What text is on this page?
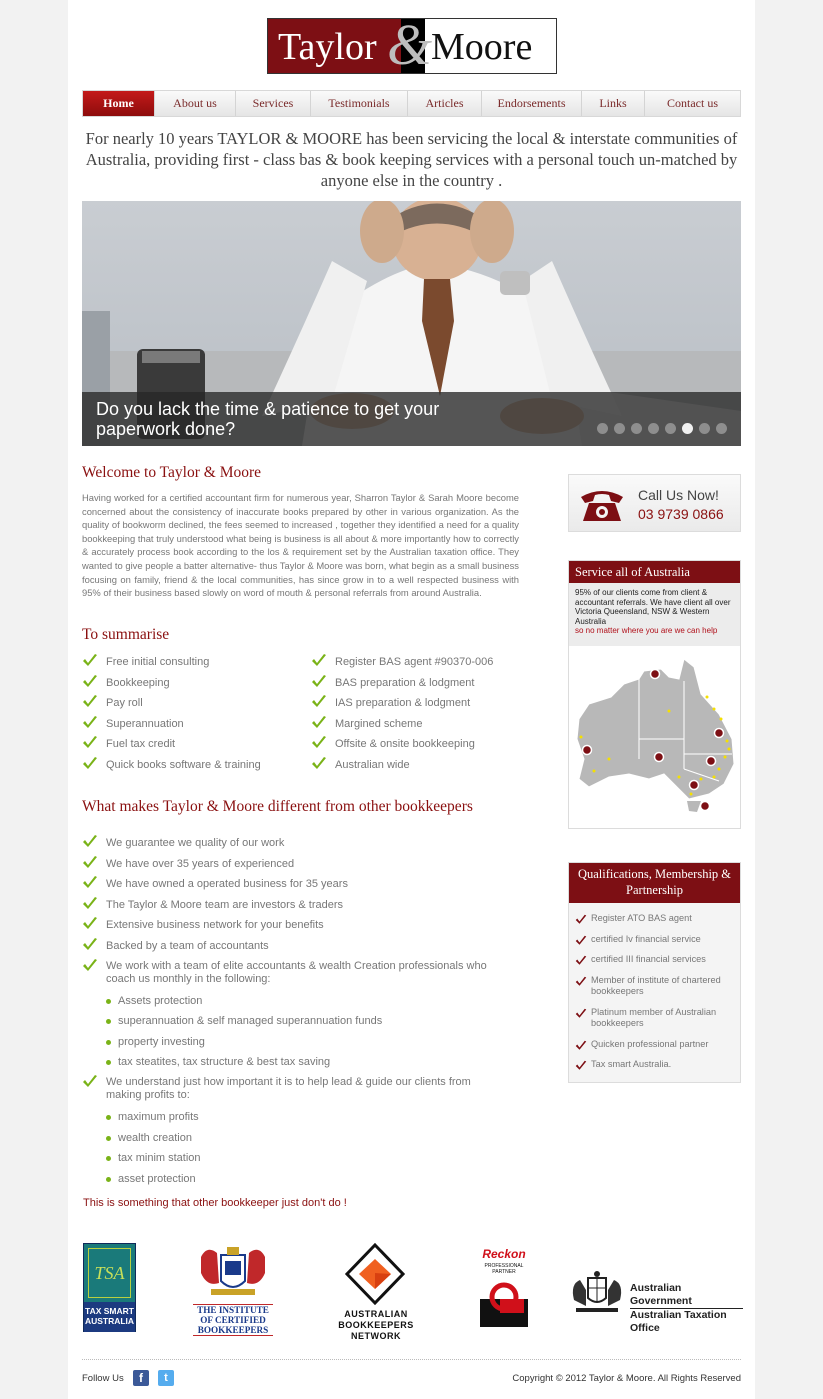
Taylor	Moore
&
Home	About us	Services	Testimonials	Articles	Endorsements	Links	Contact us
For nearly 10 years TAYLOR & MOORE has been servicing the local & interstate communities of Australia, providing first - class bas & book keeping services with a personal touch un-matched by anyone else in the country .
Do you lack the time & patience to get your paperwork done?
Welcome to Taylor & Moore

Having worked for a certified accountant firm for numerous year, Sharron Taylor & Sarah Moore become concerned about the consistency of inaccurate books prepared by other in various organization. As the quality of bookworm declined, the fees seemed to increased , together they identified a need for a quality bookkeeping that truly understood what being is business is all about & more importantly how to correctly & accurately process book according to the los & requirement set by the Australian taxation office. They wanted to give people a batter alternative- thus Taylor & Moore was born, what begin as a small business focusing on family, friend & the local communities, has since grow in to a well respected business with 95% of their business based slowly on word of mouth & personal referrals from around Australia.

To summarise
Free initial consulting
Bookkeeping
Pay roll
Superannuation
Fuel tax credit
Quick books software & training
Register BAS agent #90370-006
BAS preparation & lodgment
IAS preparation & lodgment
Margined scheme
Offsite & onsite bookkeeping
Australian wide
What makes Taylor & Moore different from other bookkeepers
We guarantee we quality of our work
We have over 35 years of experienced
We have owned a operated business for 35 years
The Taylor & Moore team are investors & traders
Extensive business network for your benefits
Backed by a team of accountants
We work with a team of elite accountants & wealth Creation professionals who coach us monthly in the following:
Assets protection
superannuation & self managed superannuation funds
property investing
tax steatites, tax structure & best tax saving
We understand just how important it is to help lead & guide our clients from making profits to:
maximum profits
wealth creation
tax minim station
asset protection
This is something that other bookkeeper just don't do !
Call Us Now!
03 9739 0866
Service all of Australia
95% of our clients come from client & accountant referrals. We have client all over Victoria Queensland, NSW & Western Australia
so no matter where you are we can help
Qualifications, Membership & Partnership
Register ATO BAS agent
certified Iv financial service
certified III financial services
Member of institute of chartered bookkeepers
Platinum member of Australian bookkeepers
Quicken professional partner
Tax smart Australia.
TSA
TAX SMART
AUSTRALIA
THE INSTITUTE
OF CERTIFIED
BOOKKEEPERS
AUSTRALIAN
BOOKKEEPERS NETWORK
Reckon
PROFESSIONAL
PARTNER
Australian Government
Australian Taxation Office
Follow Us	f	t	Copyright © 2012 Taylor & Moore. All Rights Reserved
